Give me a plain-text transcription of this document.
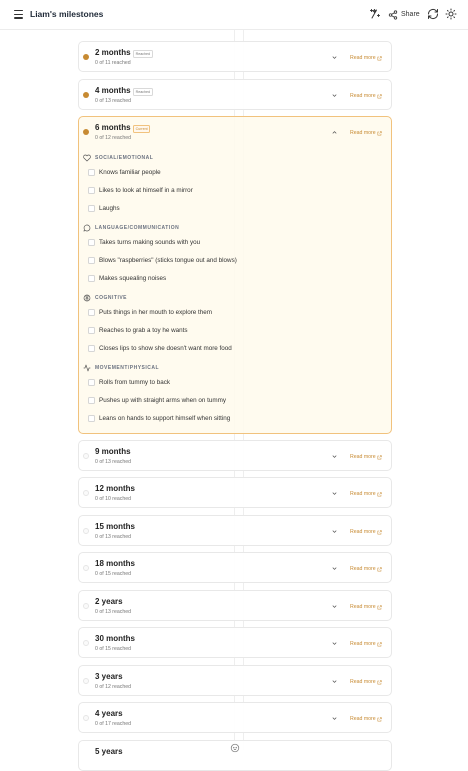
Liam's milestones	Share
2 months	Reached
0 of 11 reached
Read more
4 months	Reached
0 of 13 reached
Read more
6 months	Current
0 of 12 reached
Read more
SOCIAL/EMOTIONAL
Knows familiar people
Likes to look at himself in a mirror
Laughs
LANGUAGE/COMMUNICATION
Takes turns making sounds with you
Blows "raspberries" (sticks tongue out and blows)
Makes squealing noises
COGNITIVE
Puts things in her mouth to explore them
Reaches to grab a toy he wants
Closes lips to show she doesn't want more food
MOVEMENT/PHYSICAL
Rolls from tummy to back
Pushes up with straight arms when on tummy
Leans on hands to support himself when sitting
9 months
0 of 13 reached
Read more
12 months
0 of 10 reached
Read more
15 months
0 of 13 reached
Read more
18 months
0 of 15 reached
Read more
2 years
0 of 13 reached
Read more
30 months
0 of 15 reached
Read more
3 years
0 of 12 reached
Read more
4 years
0 of 17 reached
Read more
5 years
